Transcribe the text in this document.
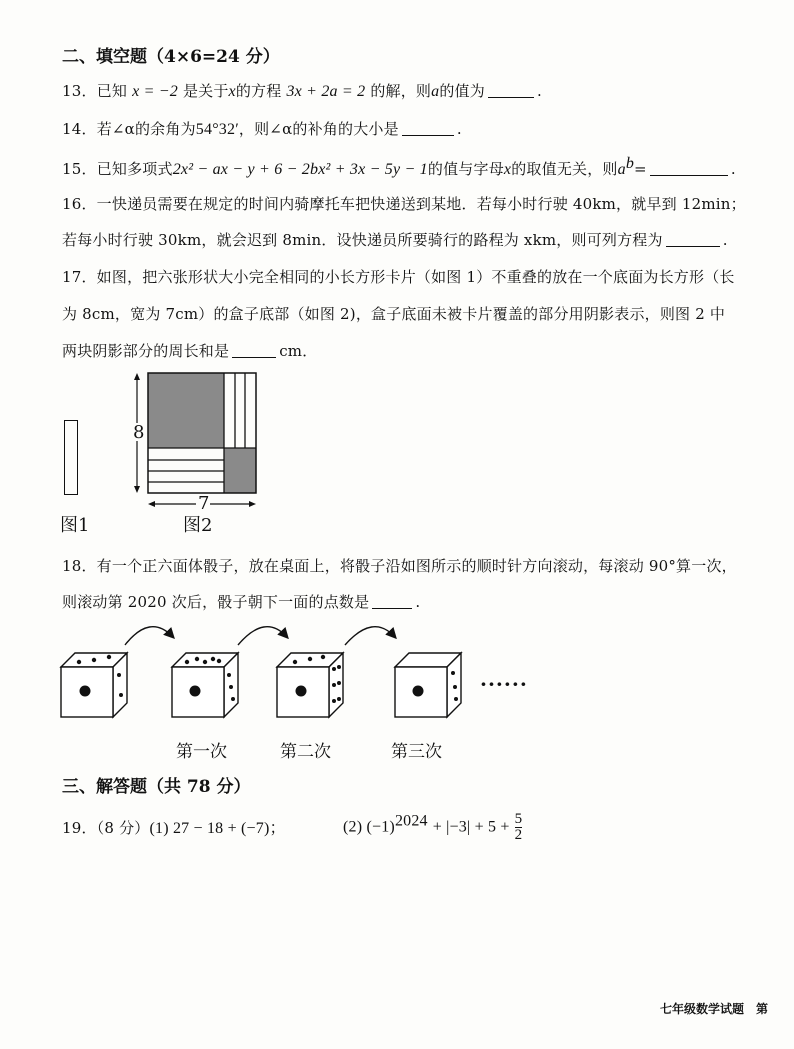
二、填空题（4×6=24 分）
13．已知 x = −2 是关于x的方程 3x + 2a = 2 的解，则a的值为	.
14．若∠α的余角为54°32′，则∠α的补角的大小是	.
15．已知多项式2x² − ax − y + 6 − 2bx² + 3x − 5y − 1的值与字母x的取值无关，则$a^b=$	.
16．一快递员需要在规定的时间内骑摩托车把快递送到某地．若每小时行驶 40km，就早到 12min；
若每小时行驶 30km，就会迟到 8min．设快递员所要骑行的路程为 xkm，则可列方程为	.
17．如图，把六张形状大小完全相同的小长方形卡片（如图 1）不重叠的放在一个底面为长方形（长
为 8cm，宽为 7cm）的盒子底部（如图 2)，盒子底面未被卡片覆盖的部分用阴影表示，则图 2 中
两块阴影部分的周长和是	cm．
图1
8
7
图2
18．有一个正六面体骰子，放在桌面上，将骰子沿如图所示的顺时针方向滚动，每滚动 90°算一次，
则滚动第 2020 次后，骰子朝下一面的点数是	.
······
第一次	第二次	第三次
三、解答题（共 78 分）
19．（8 分）(1) 27 − 18 + (−7)；	(2) $(-1)^{2024} + |-3| + 5 + \frac{5}{2}$
七年级数学试题　第
